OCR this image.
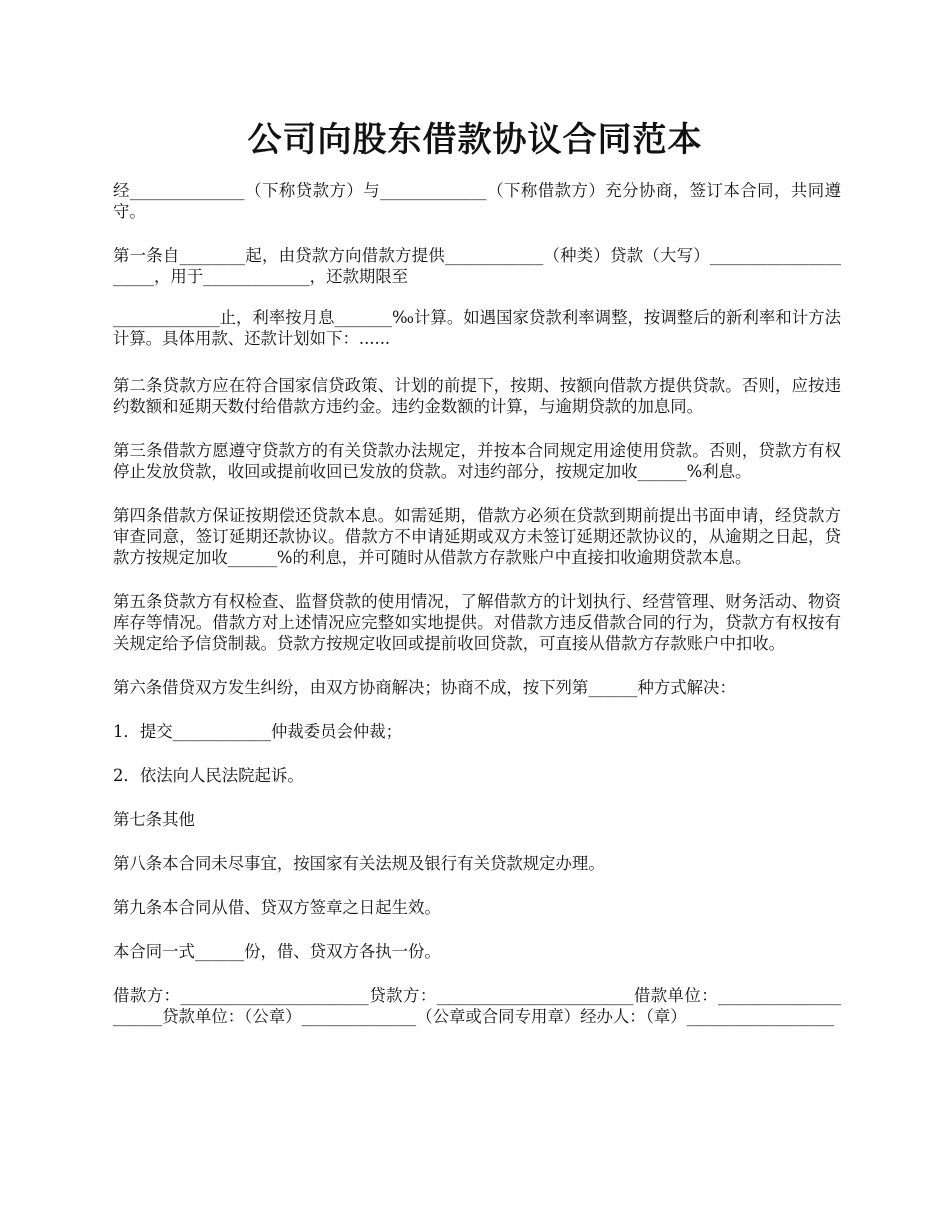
公司向股东借款协议合同范本

经______________（下称贷款方）与_____________（下称借款方）充分协商，签订本合同，共同遵守。

第一条自________起，由贷款方向借款方提供____________（种类）贷款（大写）_____________________，用于_____________，还款期限至

_____________止，利率按月息_______‰计算。如遇国家贷款利率调整，按调整后的新利率和计方法计算。具体用款、还款计划如下：......

第二条贷款方应在符合国家信贷政策、计划的前提下，按期、按额向借款方提供贷款。否则，应按违约数额和延期天数付给借款方违约金。违约金数额的计算，与逾期贷款的加息同。

第三条借款方愿遵守贷款方的有关贷款办法规定，并按本合同规定用途使用贷款。否则，贷款方有权停止发放贷款，收回或提前收回已发放的贷款。对违约部分，按规定加收______%利息。

第四条借款方保证按期偿还贷款本息。如需延期，借款方必须在贷款到期前提出书面申请，经贷款方审查同意，签订延期还款协议。借款方不申请延期或双方未签订延期还款协议的，从逾期之日起，贷款方按规定加收______%的利息，并可随时从借款方存款账户中直接扣收逾期贷款本息。

第五条贷款方有权检查、监督贷款的使用情况，了解借款方的计划执行、经营管理、财务活动、物资库存等情况。借款方对上述情况应完整如实地提供。对借款方违反借款合同的行为，贷款方有权按有关规定给予信贷制裁。贷款方按规定收回或提前收回贷款，可直接从借款方存款账户中扣收。

第六条借贷双方发生纠纷，由双方协商解决；协商不成，按下列第______种方式解决：

1．提交____________仲裁委员会仲裁；

2．依法向人民法院起诉。

第七条其他

第八条本合同未尽事宜，按国家有关法规及银行有关贷款规定办理。

第九条本合同从借、贷双方签章之日起生效。

本合同一式______份，借、贷双方各执一份。

借款方：_______________________贷款方：________________________借款单位：_____________________贷款单位：（公章）______________（公章或合同专用章）经办人：（章）__________________
